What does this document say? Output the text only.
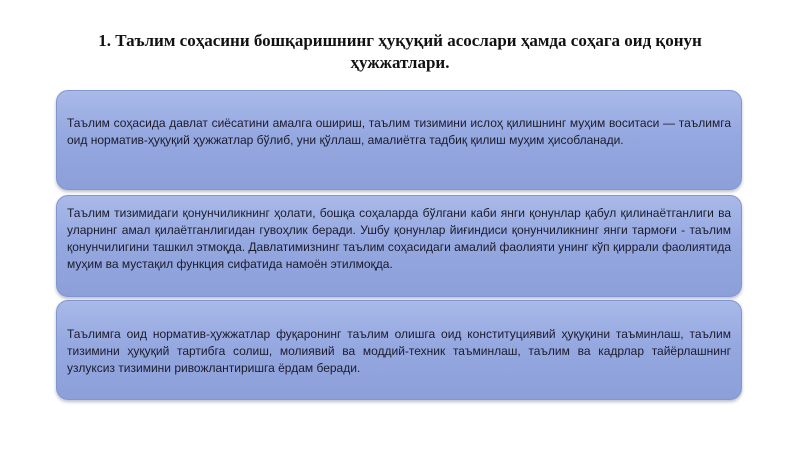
1. Таълим соҳасини бошқаришнинг ҳуқуқий асослари ҳамда соҳага оид қонун
ҳужжатлари.

Таълим соҳасида давлат сиёсатини амалга ошириш, таълим тизимини ислоҳ қилишнинг муҳим воситаси — таълимга оид норматив-ҳуқуқий ҳужжатлар бўлиб, уни қўллаш, амалиётга тадбиқ қилиш муҳим ҳисобланади.

Таълим тизимидаги қонунчиликнинг ҳолати, бошқа соҳаларда бўлгани каби янги қонунлар қабул қилинаётганлиги ва уларнинг амал қилаётганлигидан гувоҳлик беради. Ушбу қонунлар йиғиндиси қонунчиликнинг янги тармоғи - таълим қонунчилигини ташкил этмоқда. Давлатимизнинг таълим соҳасидаги амалий фаолияти унинг кўп қиррали фаолиятида муҳим ва мустақил функция сифатида намоён этилмоқда.

Таълимга оид норматив-ҳужжатлар фуқаронинг таълим олишга оид конституциявий ҳуқуқини таъминлаш, таълим тизимини ҳуқуқий тартибга солиш, молиявий ва моддий-техник таъминлаш, таълим ва кадрлар тайёрлашнинг узлуксиз тизимини ривожлантиришга ёрдам беради.
